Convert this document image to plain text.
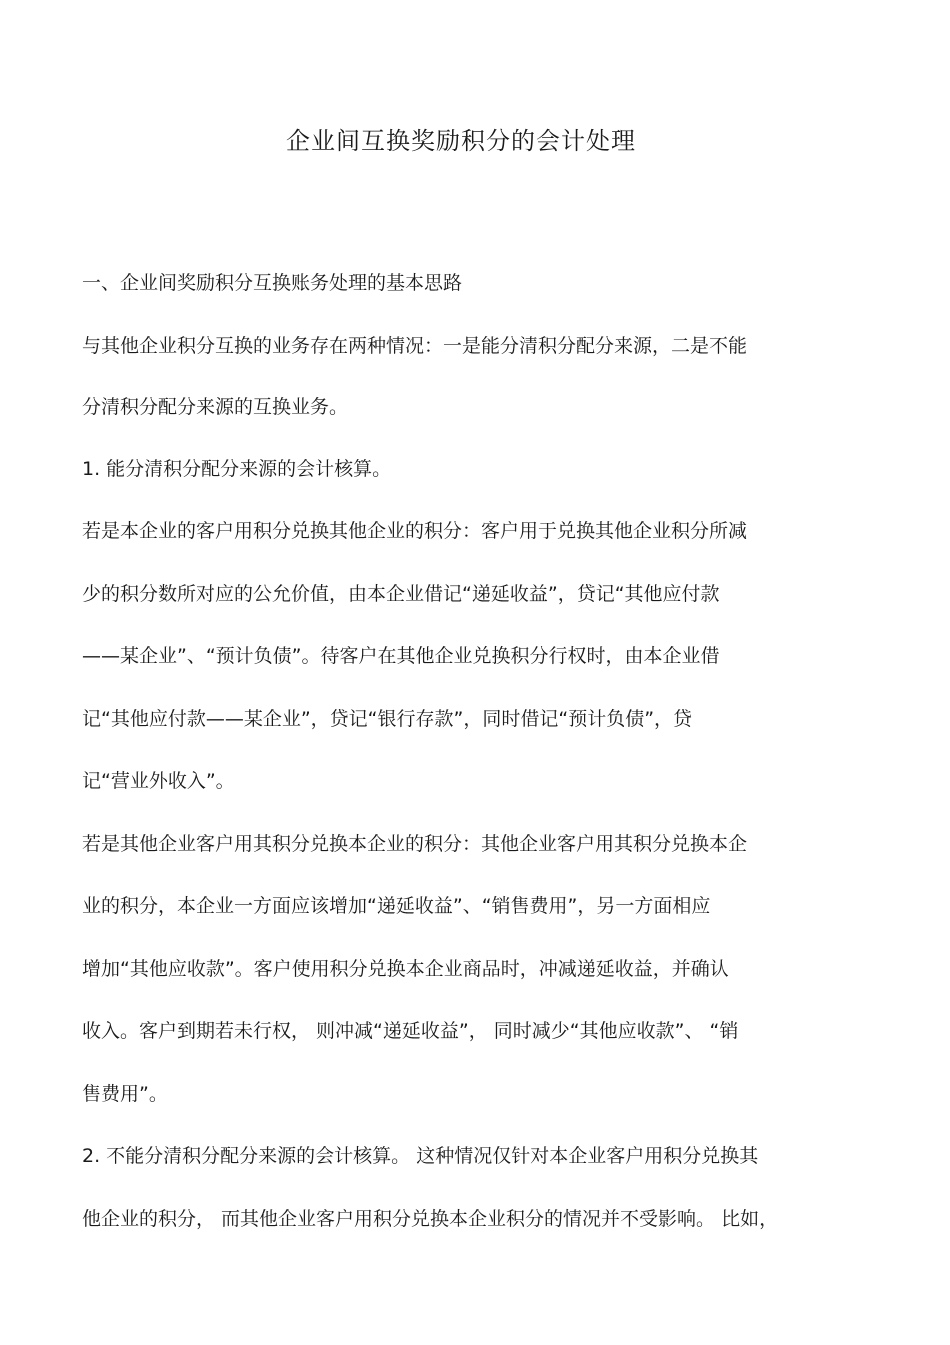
企业间互换奖励积分的会计处理
一、企业间奖励积分互换账务处理的基本思路
与其他企业积分互换的业务存在两种情况：一是能分清积分配分来源，二是不能
分清积分配分来源的互换业务。
1. 能分清积分配分来源的会计核算。
若是本企业的客户用积分兑换其他企业的积分：客户用于兑换其他企业积分所减
少的积分数所对应的公允价值，由本企业借记“递延收益”，贷记“其他应付款
——某企业”、“预计负债”。待客户在其他企业兑换积分行权时，由本企业借
记“其他应付款——某企业”，贷记“银行存款”，同时借记“预计负债”，贷
记“营业外收入”。
若是其他企业客户用其积分兑换本企业的积分：其他企业客户用其积分兑换本企
业的积分，本企业一方面应该增加“递延收益”、“销售费用”，另一方面相应
增加“其他应收款”。客户使用积分兑换本企业商品时，冲减递延收益，并确认
收入。客户到期若未行权， 则冲减“递延收益”， 同时减少“其他应收款”、 “销
售费用”。
2. 不能分清积分配分来源的会计核算。 这种情况仅针对本企业客户用积分兑换其
他企业的积分， 而其他企业客户用积分兑换本企业积分的情况并不受影响。 比如，
